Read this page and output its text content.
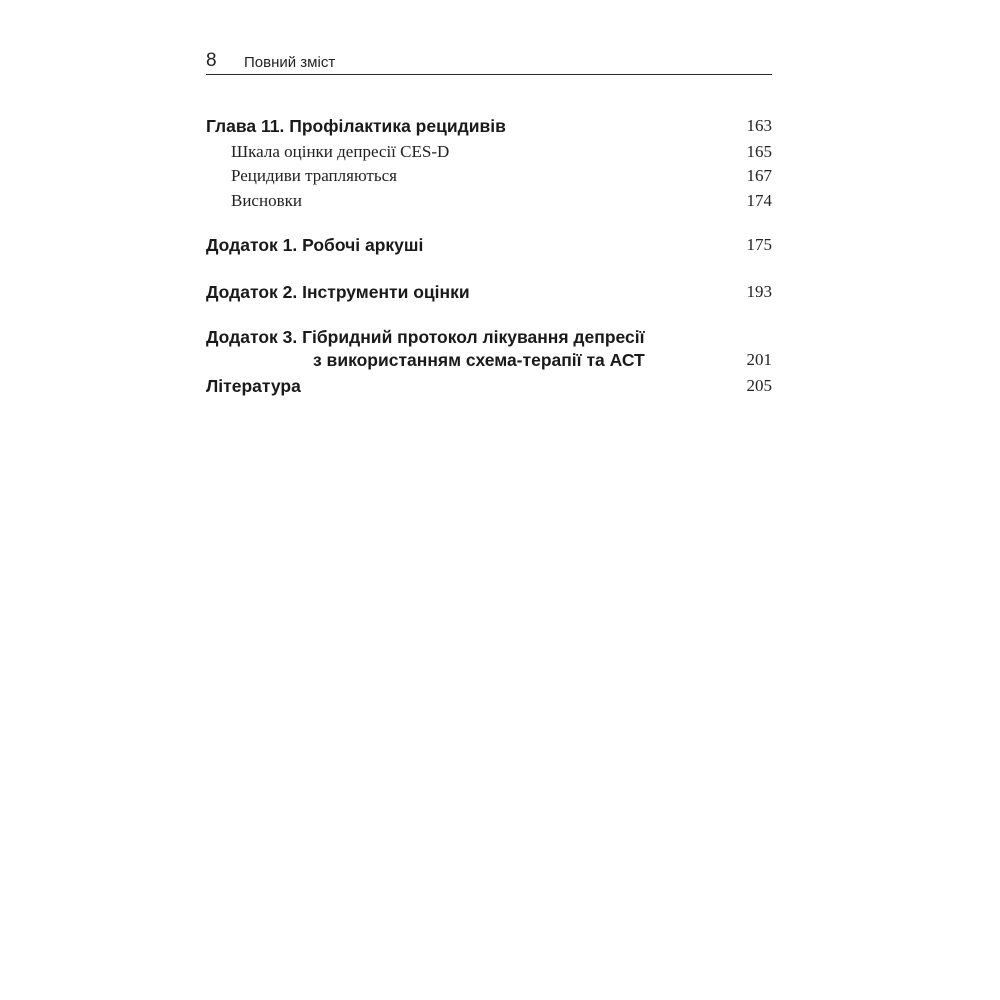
8 Повний зміст
Глава 11. Профілактика рецидивів	163
Шкала оцінки депресії CES-D	165
Рецидиви трапляються	167
Висновки	174
Додаток 1. Робочі аркуші	175
Додаток 2. Інструменти оцінки	193
Додаток 3. Гібридний протокол лікування депресії
з використанням схема-терапії та АСТ	201
Література	205
